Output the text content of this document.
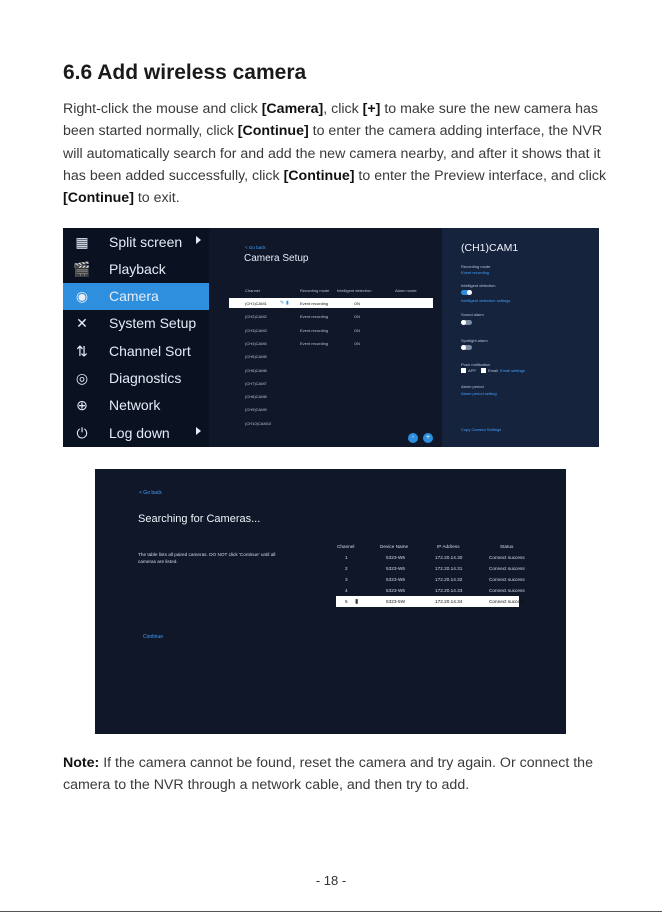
6.6 Add wireless camera
Right-click the mouse and click [Camera], click [+] to make sure the new camera has been started normally, click [Continue] to enter the camera adding interface, the NVR will automatically search for and add the new camera nearby, and after it shows that it has been added successfully, click [Continue] to enter the Preview interface, and click [Continue] to exit.
▦ Split screen
🎬 Playback
◉ Camera
✕ System Setup
⇅ Channel Sort
◎ Diagnostics
⊕ Network
⏻	Log down
< Go back
Camera Setup
Channel	Recording mode Intelligent detection	Alarm mode
(CH1)CAM1	Event recording	ON
✎ ▮
(CH2)CAM2	Event recording	ON
(CH3)CAM3	Event recording	ON
(CH4)CAM4	Event recording	ON
(CH5)CAM5
(CH6)CAM6
(CH7)CAM7
(CH8)CAM8
(CH9)CAM9
(CH10)CAM10
-	+
(CH1)CAM1
Recording mode
Event recording
Intelligent detection
Intelligent detection settings
Sound alarm
Spotlight alarm
Push notification
APP	Email Email settings
Alarm period
Alarm period setting
Copy Camera Settings
< Go back
Searching for Cameras...
The table lists all paired cameras. DO NOT click 'Continue' until all cameras are listed.
Continue
Channel	Device Name	IP Address	Status
1	5323-W6	172.20.14.30	Connect success
2	5323-W6	172.20.14.31	Connect success
3	5323-W6	172.20.14.32	Connect success
4	5323-W6	172.20.14.33	Connect success
5	5323-5W	172.20.14.34	Connect success
▮
Note: If the camera cannot be found, reset the camera and try again. Or connect the camera to the NVR through a network cable, and then try to add.
- 18 -
